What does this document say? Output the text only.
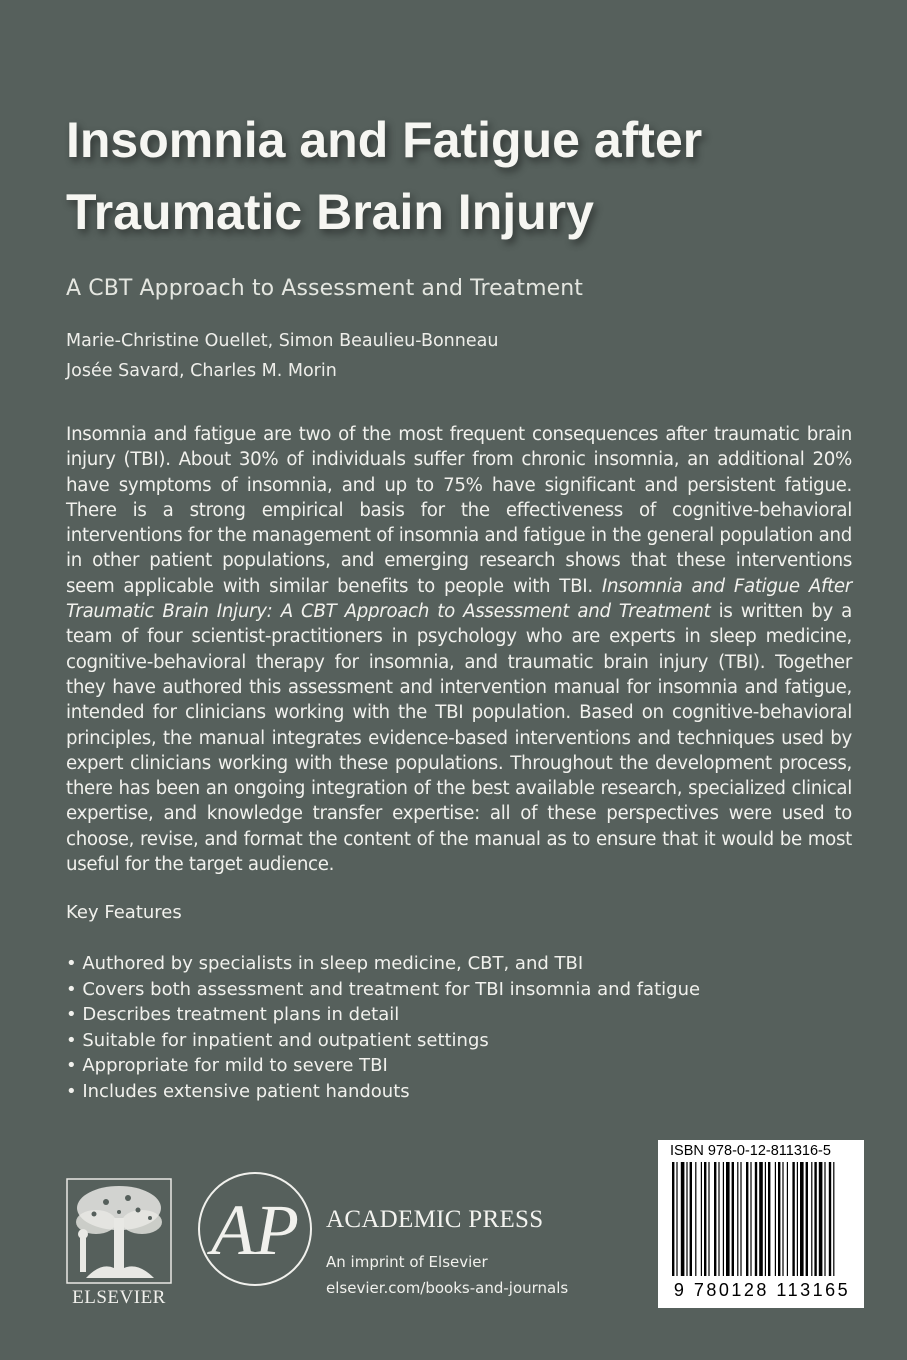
Insomnia and Fatigue after
Traumatic Brain Injury
A CBT Approach to Assessment and Treatment
Marie-Christine Ouellet, Simon Beaulieu-Bonneau
Josée Savard, Charles M. Morin

Insomnia and fatigue are two of the most frequent consequences after traumatic brain injury (TBI). About 30% of individuals suffer from chronic insomnia, an additional 20% have symptoms of insomnia, and up to 75% have significant and persistent fatigue. There is a strong empirical basis for the effectiveness of cognitive-behavioral interventions for the management of insomnia and fatigue in the general population and in other patient populations, and emerging research shows that these interventions seem applicable with similar benefits to people with TBI. Insomnia and Fatigue After Traumatic Brain Injury: A CBT Approach to Assessment and Treatment is written by a team of four scientist-practitioners in psychology who are experts in sleep medicine, cognitive-behavioral therapy for insomnia, and traumatic brain injury (TBI). Together they have authored this assessment and intervention manual for insomnia and fatigue, intended for clinicians working with the TBI population. Based on cognitive-behavioral principles, the manual integrates evidence-based interventions and techniques used by expert clinicians working with these populations. Throughout the development process, there has been an ongoing integration of the best available research, specialized clinical expertise, and knowledge transfer expertise: all of these perspectives were used to choose, revise, and format the content of the manual as to ensure that it would be most useful for the target audience.

Key Features
• Authored by specialists in sleep medicine, CBT, and TBI
• Covers both assessment and treatment for TBI insomnia and fatigue
• Describes treatment plans in detail
• Suitable for inpatient and outpatient settings
• Appropriate for mild to severe TBI
• Includes extensive patient handouts
ELSEVIER
AP ACADEMIC PRESS
An imprint of Elsevier
elsevier.com/books-and-journals
ISBN 978-0-12-811316-5
9 780128 113165
